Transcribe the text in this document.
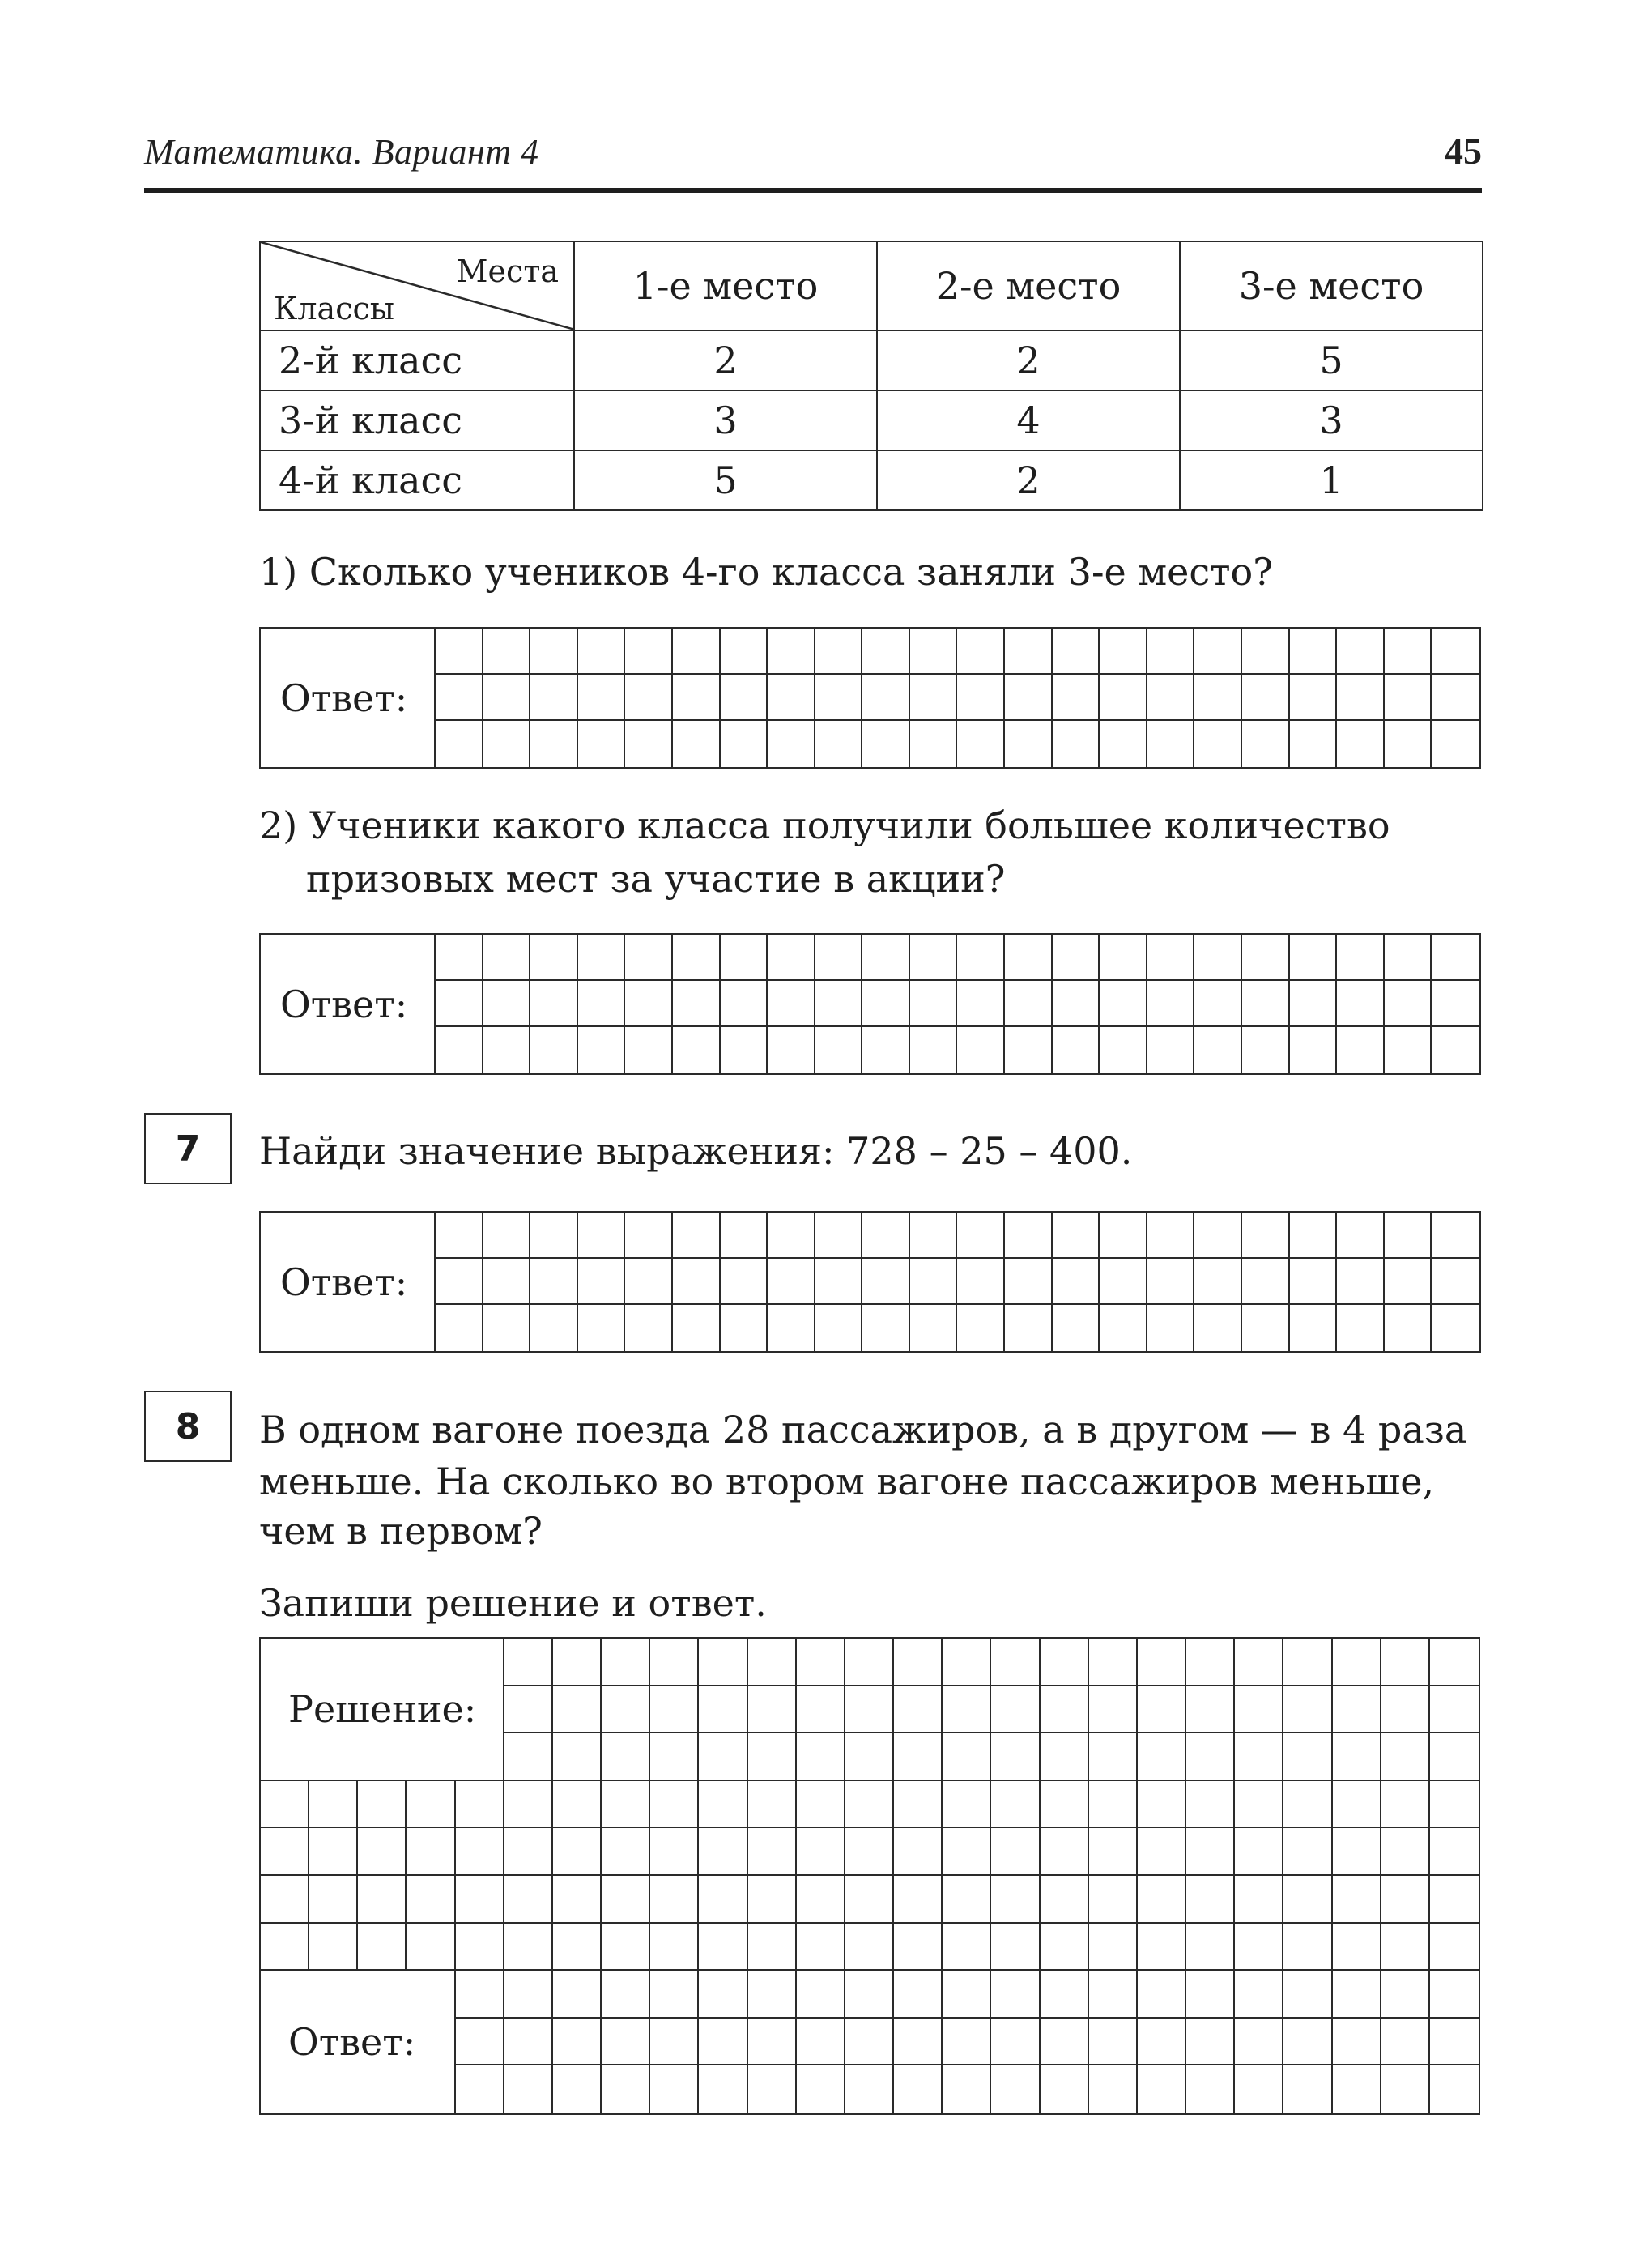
Математика. Вариант 4	45
Места
Классы	1-е место	2-е место	3-е место
2-й класс	2	2	5
3-й класс	3	4	3
4-й класс	5	2	1
1) Сколько учеников 4-го класса заняли 3-е место?
Ответ:
2) Ученики какого класса получили большее количество
призовых мест за участие в акции?
Ответ:
7	Найди значение выражения: 728 – 25 – 400.
Ответ:
8	В одном вагоне поезда 28 пассажиров, а в другом — в 4 раза
меньше. На сколько во втором вагоне пассажиров меньше,
чем в первом?
Запиши решение и ответ.
Решение:
Ответ:
